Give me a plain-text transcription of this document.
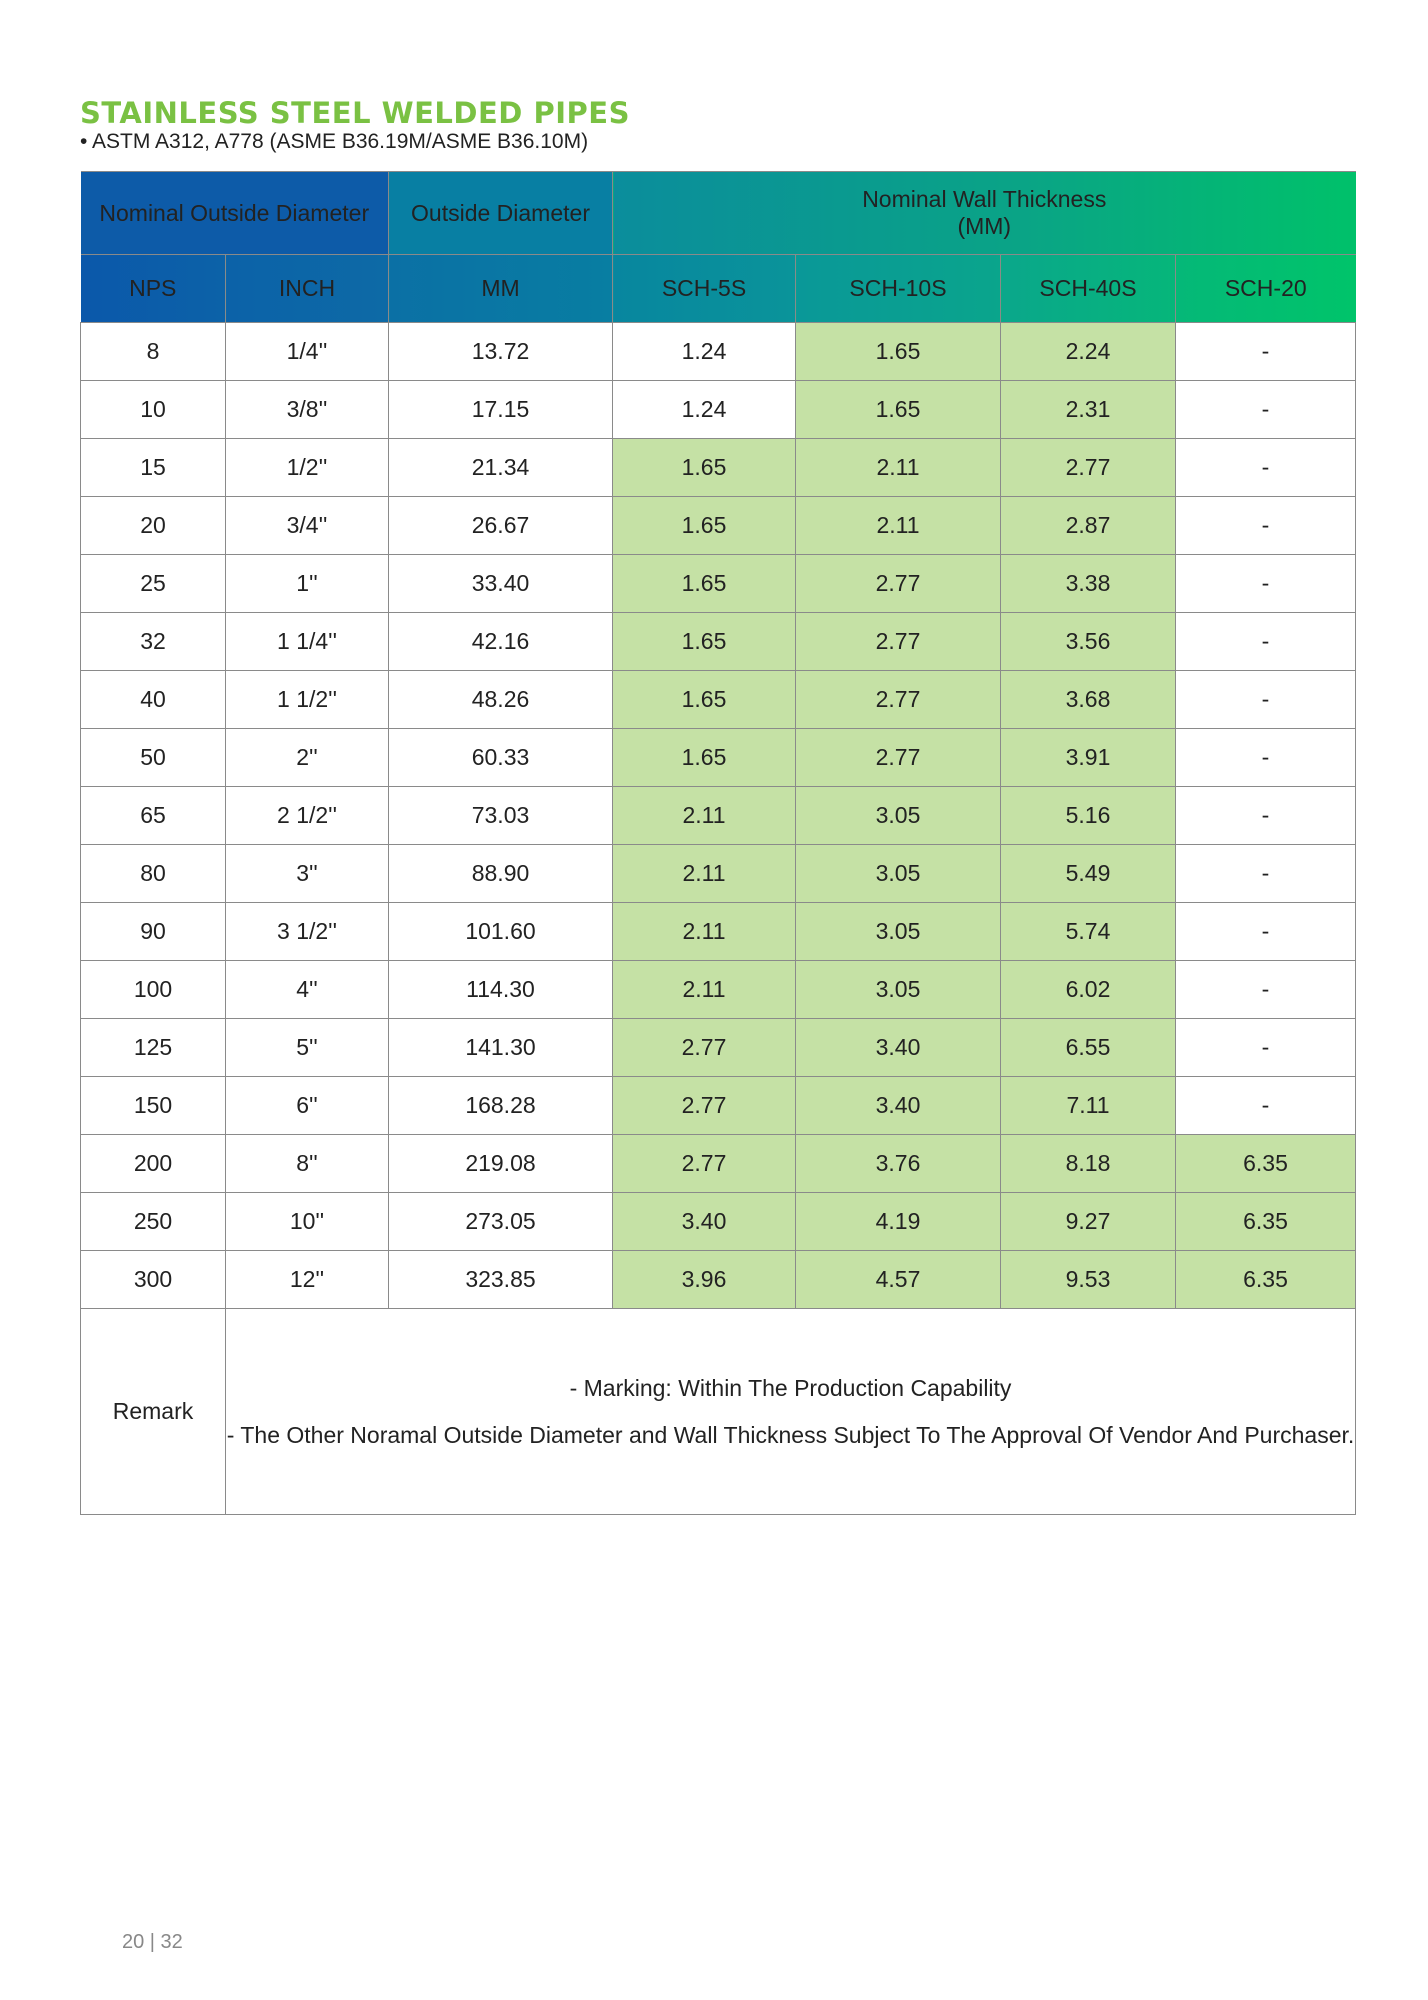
STAINLESS STEEL WELDED PIPES
• ASTM A312, A778 (ASME B36.19M/ASME B36.10M)
Nominal Outside Diameter		Outside Diameter	Nominal Wall Thickness
(MM)			

NPS	INCH	MM	SCH-5S	SCH-10S	SCH-40S	SCH-20
8	1/4''	13.72	1.24	1.65	2.24	-
10	3/8''	17.15	1.24	1.65	2.31	-
15	1/2''	21.34	1.65	2.11	2.77	-
20	3/4''	26.67	1.65	2.11	2.87	-
25	1''	33.40	1.65	2.77	3.38	-
32	1 1/4''	42.16	1.65	2.77	3.56	-
40	1 1/2''	48.26	1.65	2.77	3.68	-
50	2''	60.33	1.65	2.77	3.91	-
65	2 1/2''	73.03	2.11	3.05	5.16	-
80	3''	88.90	2.11	3.05	5.49	-
90	3 1/2''	101.60	2.11	3.05	5.74	-
100	4''	114.30	2.11	3.05	6.02	-
125	5''	141.30	2.77	3.40	6.55	-
150	6''	168.28	2.77	3.40	7.11	-
200	8''	219.08	2.77	3.76	8.18	6.35
250	10''	273.05	3.40	4.19	9.27	6.35
300	12''	323.85	3.96	4.57	9.53	6.35
Remark	- Marking: Within The Production Capability
- The Other Noramal Outside Diameter and Wall Thickness Subject To The Approval Of Vendor And Purchaser.					
20 | 32
